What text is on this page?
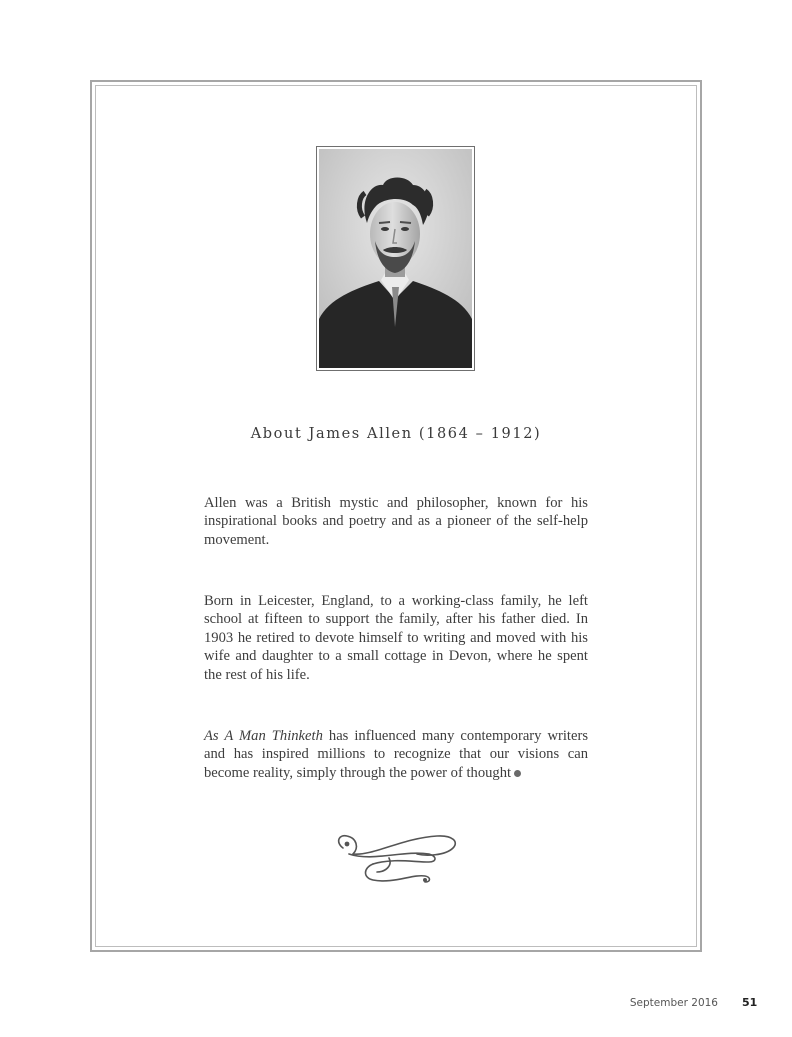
About James Allen (1864 – 1912)

Allen was a British mystic and philosopher, known for his inspirational books and poetry and as a pioneer of the self-help movement.

Born in Leicester, England, to a working-class family, he left school at fifteen to support the family, after his father died. In 1903 he retired to devote himself to writing and moved with his wife and daughter to a small cottage in Devon, where he spent the rest of his life.

As A Man Thinketh has influenced many contemporary writers and has inspired millions to recognize that our visions can become reality, simply through the power of thought

September 2016 51
